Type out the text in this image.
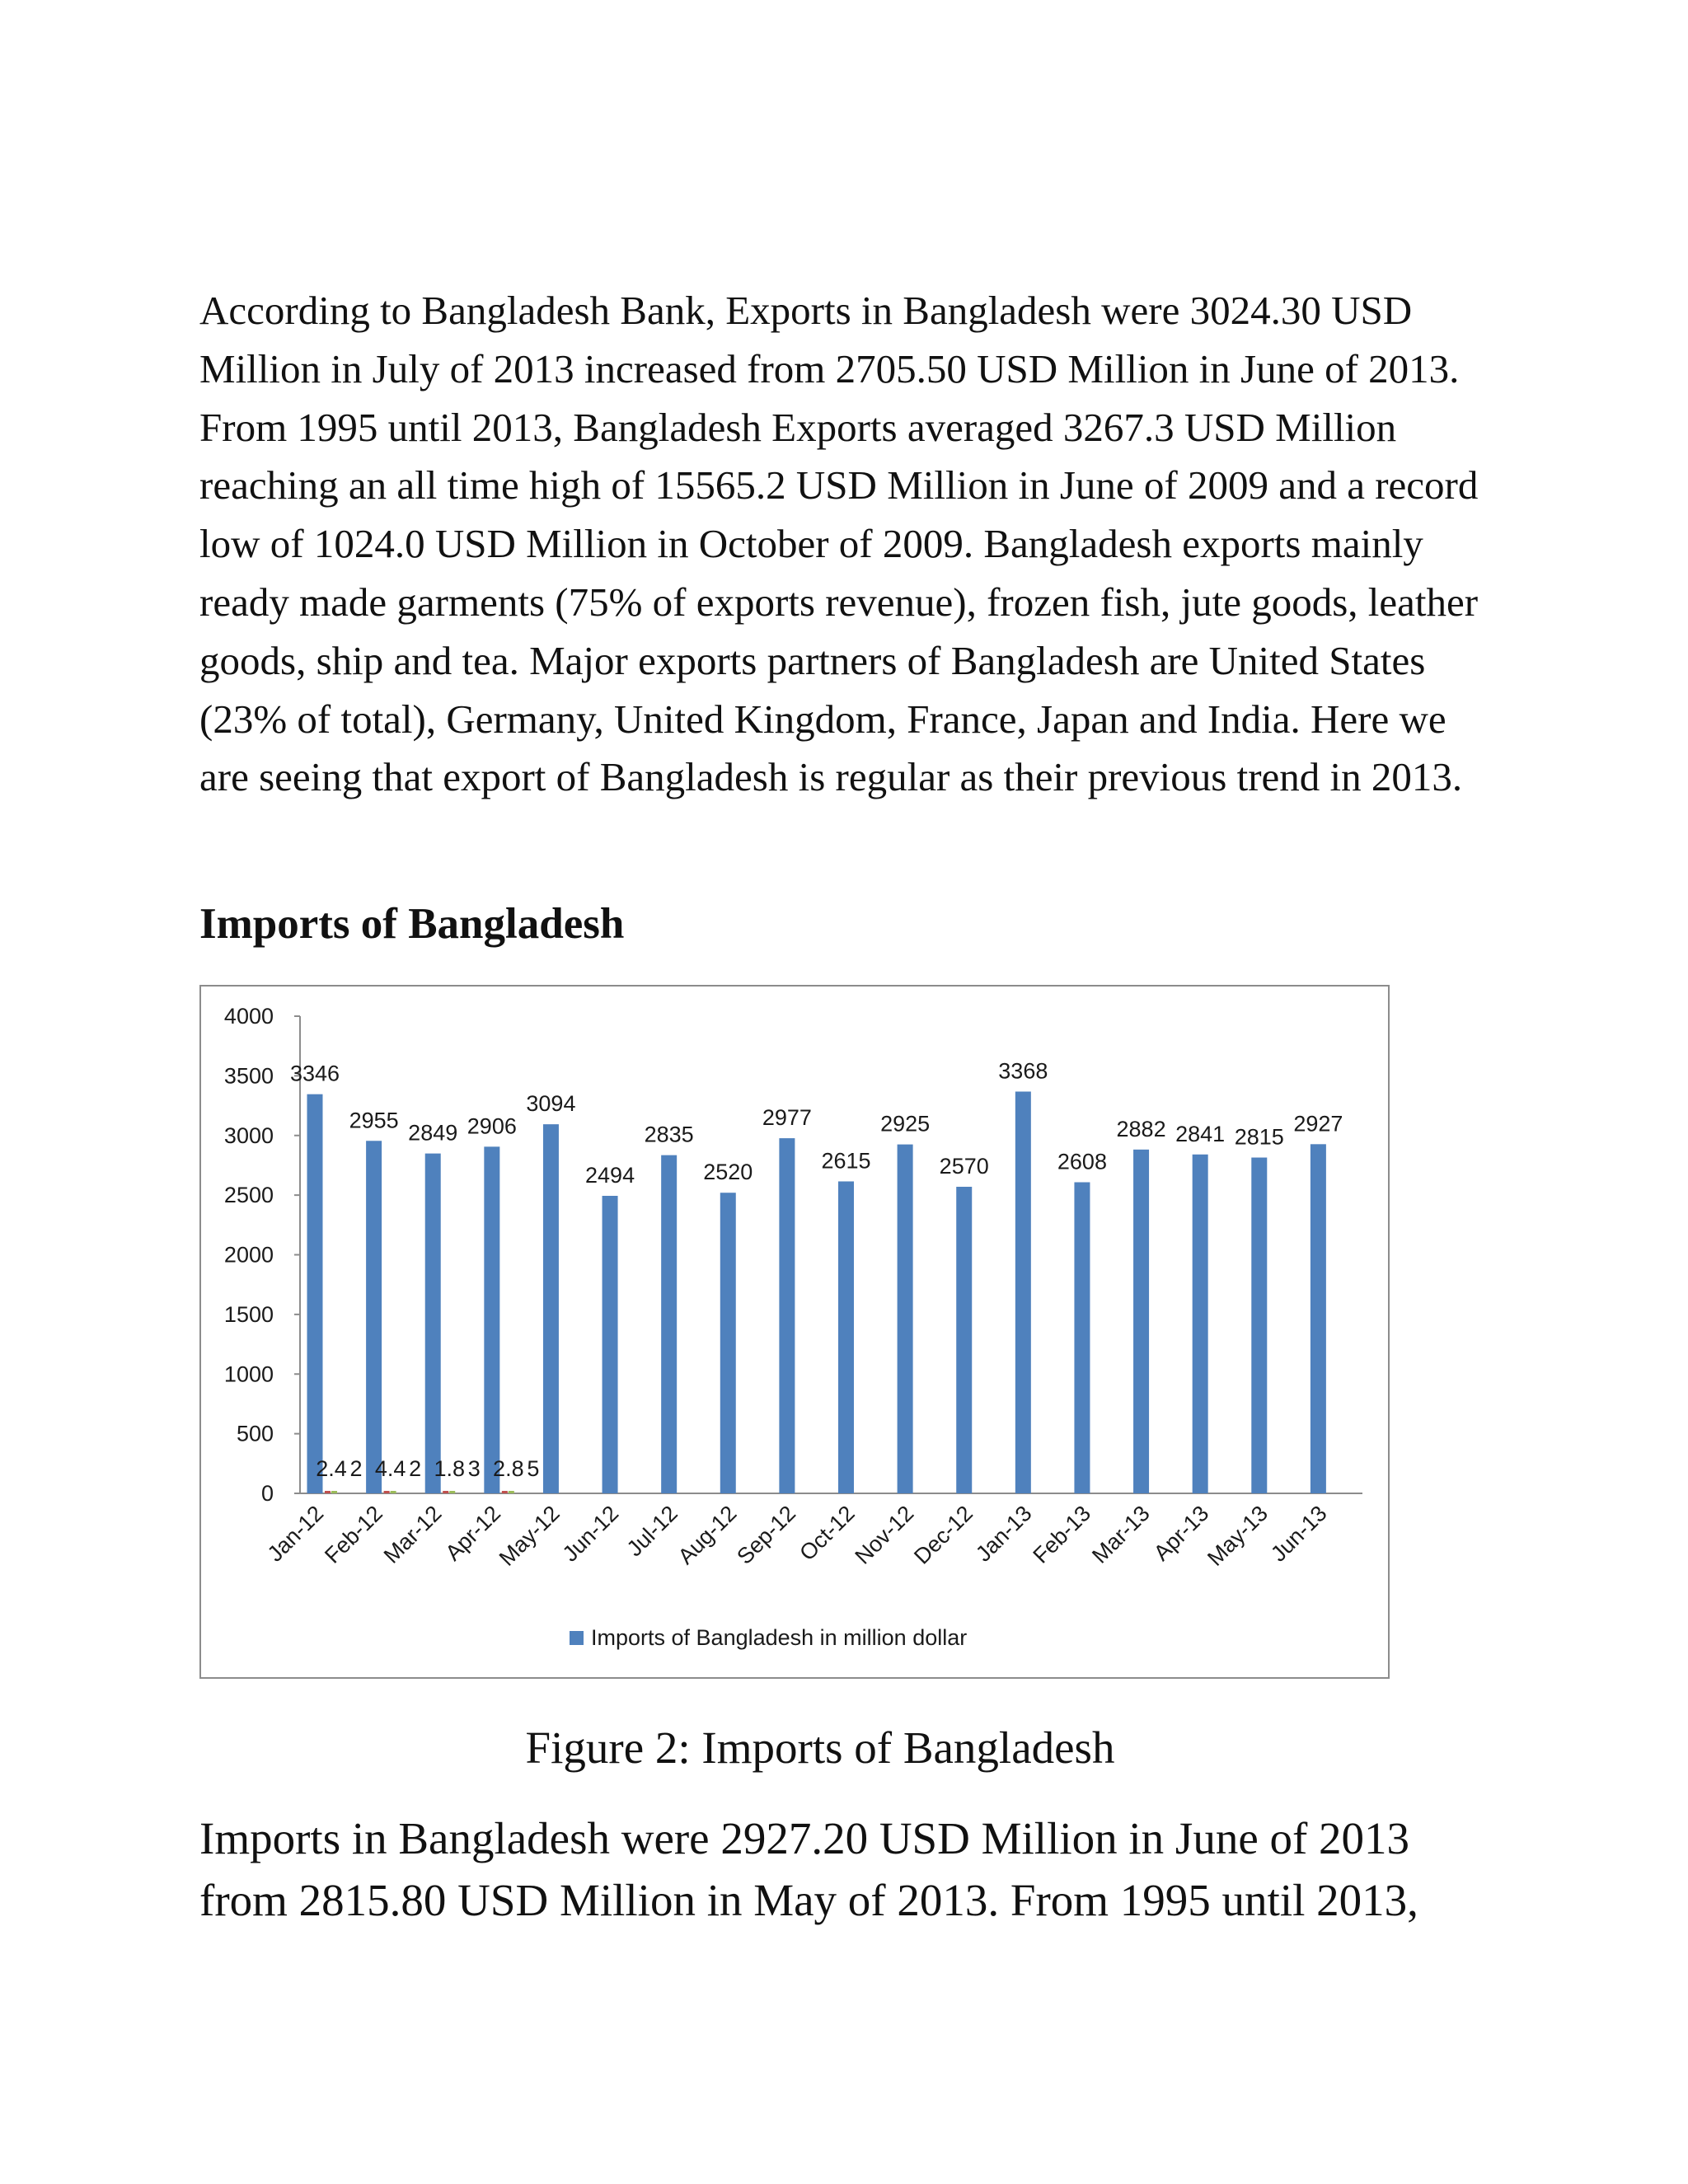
According to Bangladesh Bank, Exports in Bangladesh were 3024.30 USD Million in July of 2013 increased from 2705.50 USD Million in June of 2013. From 1995 until 2013, Bangladesh Exports averaged 3267.3 USD Million reaching an all time high of 15565.2 USD Million in June of 2009 and a record low of 1024.0 USD Million in October of 2009. Bangladesh exports mainly ready made garments (75% of exports revenue), frozen fish, jute goods, leather goods, ship and tea. Major exports partners of Bangladesh are United States (23% of total), Germany, United Kingdom, France, Japan and India. Here we are seeing that export of Bangladesh is regular as their previous trend in 2013.

Imports of Bangladesh
0
500
1000
1500
2000
2500
3000
3500
4000
3346
2955
2849 2906
3094
2494
2835
2520
2977
2615
2925
2570
3368
2608
2882 2841 2815
2927
2.4 4.4 1.8 2.8
2 2 3 5
Jan-12
Feb-12
Mar-12
Apr-12
May-12
Jun-12
Jul-12
Aug-12
Sep-12
Oct-12
Nov-12
Dec-12
Jan-13
Feb-13
Mar-13
Apr-13
May-13
Jun-13
Imports of Bangladesh in million dollar

Figure 2: Imports of Bangladesh

Imports in Bangladesh were 2927.20 USD Million in June of 2013 from 2815.80 USD Million in May of 2013. From 1995 until 2013,
